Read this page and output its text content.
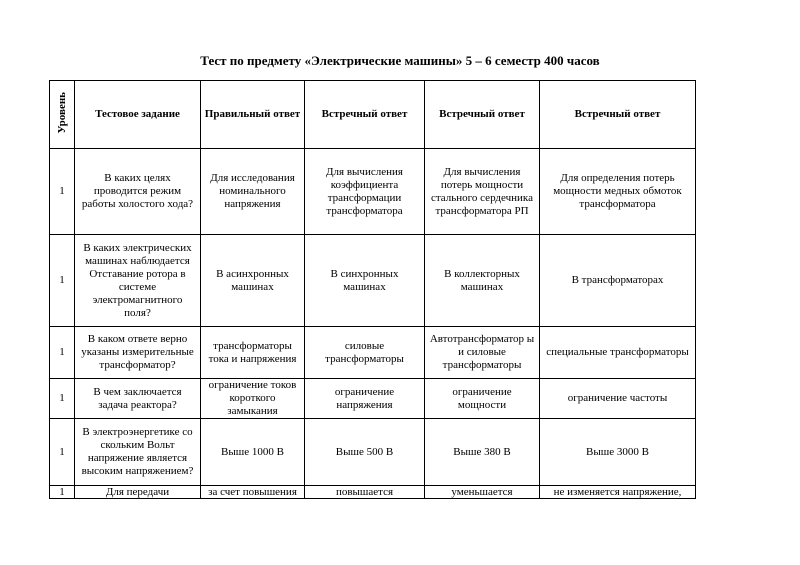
Тест по предмету «Электрические машины» 5 – 6 семестр 400 часов
Уровень	Тестовое задание	Правильный ответ	Встречный ответ	Встречный ответ	Встречный ответ
1	В каких целях проводится режим работы холостого хода?	Для исследования номинального напряжения	Для вычисления коэффициента трансформации трансформатора	Для вычисления потерь мощности стального сердечника трансформатора РП	Для определения потерь мощности медных обмоток трансформатора
1	В каких электрических машинах наблюдается Отставание ротора в системе электромагнитного поля?	В асинхронных машинах	В синхронных машинах	В коллекторных машинах	В трансформаторах
1	В каком ответе верно указаны измерительные трансформатор?	трансформаторы тока и напряжения	силовые трансформаторы	Автотрансформатор ы и силовые трансформаторы	специальные трансформаторы
1	В чем заключается задача реактора?	ограничение токов короткого замыкания	ограничение напряжения	ограничение мощности	ограничение частоты
1	В электроэнергетике со скольким Вольт напряжение является высоким напряжением?	Выше 1000 В	Выше 500 В	Выше 380 В	Выше 3000 В
1	Для передачи	за счет повышения	повышается	уменьшается	не изменяется напряжение,
